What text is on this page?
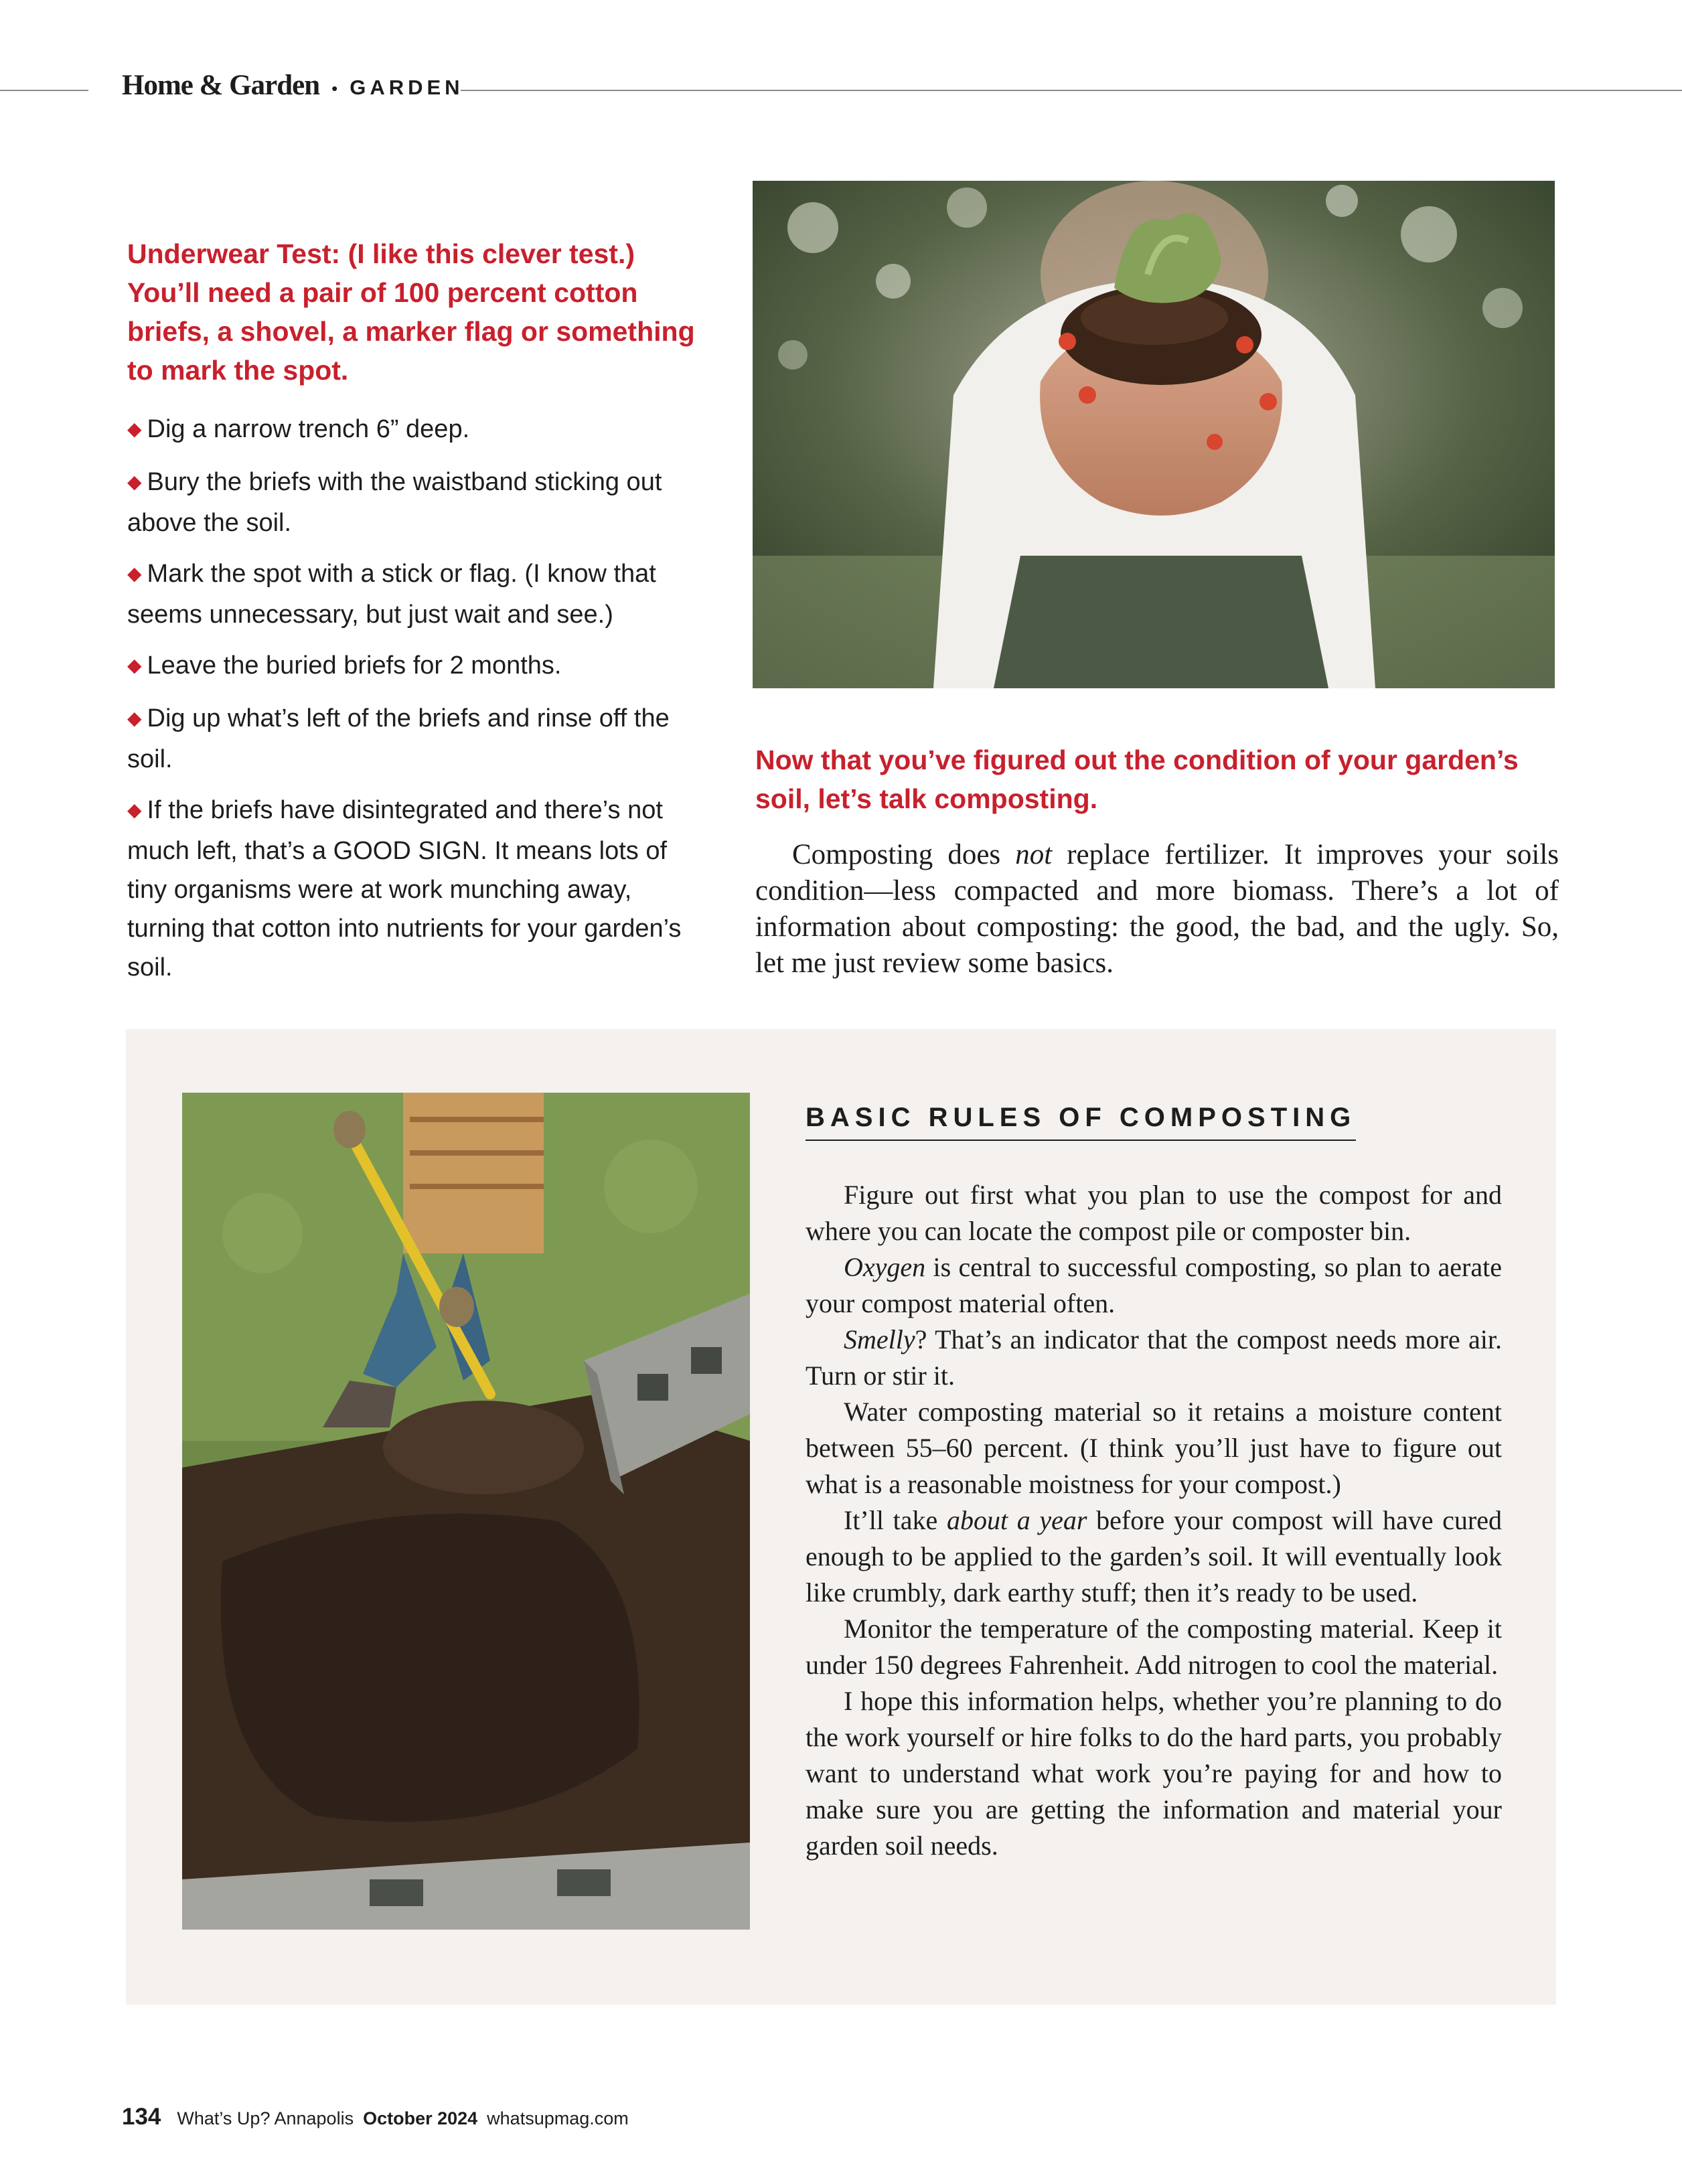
Home & Garden • GARDEN

Underwear Test: (I like this clever test.) You’ll need a pair of 100 percent cotton briefs, a shovel, a marker flag or something to mark the spot.

◆ Dig a narrow trench 6” deep.
◆ Bury the briefs with the waistband sticking out above the soil.
◆ Mark the spot with a stick or flag. (I know that seems unnecessary, but just wait and see.)
◆ Leave the buried briefs for 2 months.
◆ Dig up what’s left of the briefs and rinse off the soil.
◆ If the briefs have disintegrated and there’s not much left, that’s a GOOD SIGN. It means lots of tiny organisms were at work munching away, turning that cotton into nutrients for your garden’s soil.

Now that you’ve figured out the condition of your garden’s soil, let’s talk composting.

Composting does not replace fertilizer. It improves your soils condition—less compacted and more biomass. There’s a lot of information about composting: the good, the bad, and the ugly. So, let me just review some basics.

BASIC RULES OF COMPOSTING

Figure out first what you plan to use the compost for and where you can locate the compost pile or composter bin.

Oxygen is central to successful composting, so plan to aerate your compost material often.

Smelly? That’s an indicator that the compost needs more air. Turn or stir it.

Water composting material so it retains a moisture content between 55–60 percent. (I think you’ll just have to figure out what is a reasonable moistness for your compost.)

It’ll take about a year before your compost will have cured enough to be applied to the garden’s soil. It will eventually look like crumbly, dark earthy stuff; then it’s ready to be used.

Monitor the temperature of the composting material. Keep it under 150 degrees Fahrenheit. Add nitrogen to cool the material.

I hope this information helps, whether you’re planning to do the work yourself or hire folks to do the hard parts, you probably want to understand what work you’re paying for and how to make sure you are getting the information and material your garden soil needs.

134 What’s Up? Annapolis October 2024 whatsupmag.com
